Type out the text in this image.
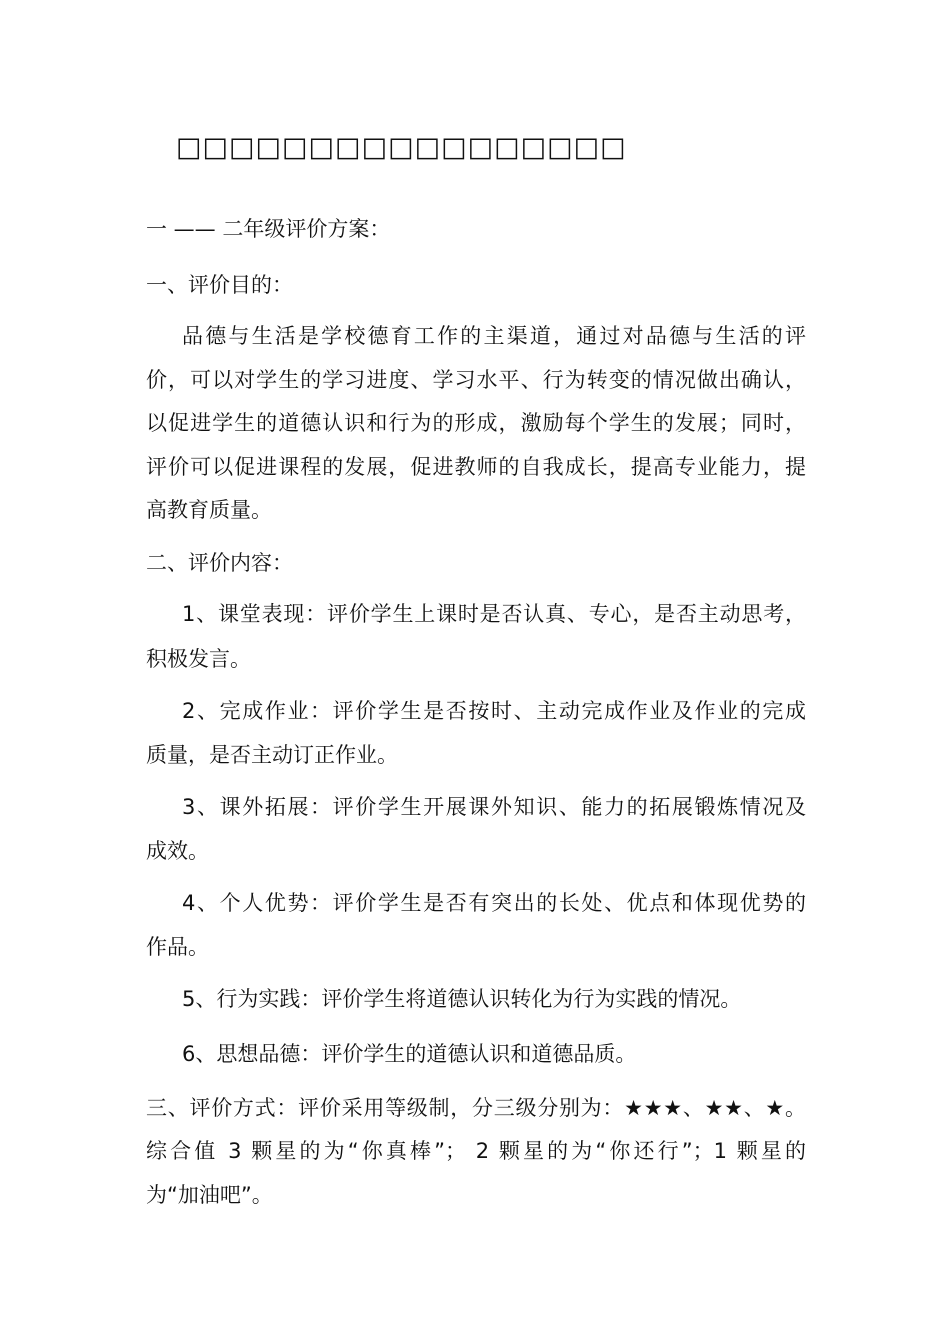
□□□□□□□□□□□□□□□□□
一 —— 二年级评价方案：
一、评价目的：
品德与生活是学校德育工作的主渠道，通过对品德与生活的评
价，可以对学生的学习进度、学习水平、行为转变的情况做出确认，
以促进学生的道德认识和行为的形成，激励每个学生的发展；同时，
评价可以促进课程的发展，促进教师的自我成长，提高专业能力，提
高教育质量。
二、评价内容：
1、课堂表现：评价学生上课时是否认真、专心，是否主动思考，
积极发言。
2、完成作业：评价学生是否按时、主动完成作业及作业的完成
质量，是否主动订正作业。
3、课外拓展：评价学生开展课外知识、能力的拓展锻炼情况及
成效。
4、个人优势：评价学生是否有突出的长处、优点和体现优势的
作品。
5、行为实践：评价学生将道德认识转化为行为实践的情况。
6、思想品德：评价学生的道德认识和道德品质。
三、评价方式：评价采用等级制，分三级分别为：★★★、★★、★。
综合值 3 颗星的为“你真棒”； 2 颗星的为“你还行”；1 颗星的
为“加油吧”。
